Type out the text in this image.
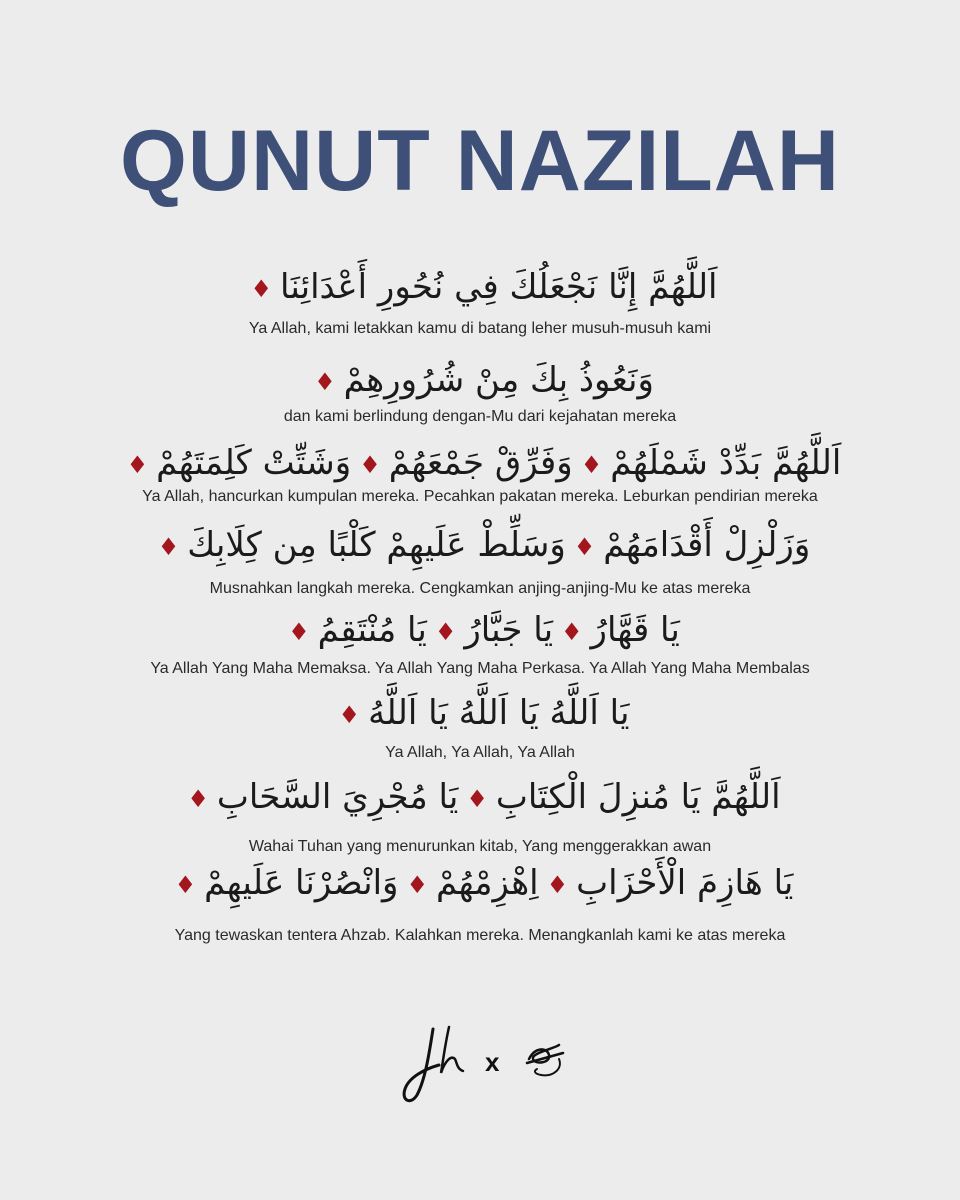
QUNUT NAZILAH
اَللَّهُمَّ إِنَّا نَجْعَلُكَ فِي نُحُورِ أَعْدَائِنَا♦
Ya Allah, kami letakkan kamu di batang leher musuh-musuh kami
وَنَعُوذُ بِكَ مِنْ شُرُورِهِمْ♦
dan kami berlindung dengan-Mu dari kejahatan mereka
اَللَّهُمَّ بَدِّدْ شَمْلَهُمْ♦وَفَرِّقْ جَمْعَهُمْ♦وَشَتِّتْ كَلِمَتَهُمْ♦
Ya Allah, hancurkan kumpulan mereka. Pecahkan pakatan mereka. Leburkan pendirian mereka
وَزَلْزِلْ أَقْدَامَهُمْ♦وَسَلِّطْ عَلَيهِمْ كَلْبًا مِن كِلَابِكَ♦
Musnahkan langkah mereka. Cengkamkan anjing-anjing-Mu ke atas mereka
يَا قَهَّارُ♦يَا جَبَّارُ♦يَا مُنْتَقِمُ♦
Ya Allah Yang Maha Memaksa. Ya Allah Yang Maha Perkasa. Ya Allah Yang Maha Membalas
يَا اَللَّهُ يَا اَللَّهُ يَا اَللَّهُ♦
Ya Allah, Ya Allah, Ya Allah
اَللَّهُمَّ يَا مُنزِلَ الْكِتَابِ♦يَا مُجْرِيَ السَّحَابِ♦
Wahai Tuhan yang menurunkan kitab, Yang menggerakkan awan
يَا هَازِمَ الْأَحْزَابِ♦اِهْزِمْهُمْ♦وَانْصُرْنَا عَلَيهِمْ♦
Yang tewaskan tentera Ahzab. Kalahkan mereka. Menangkanlah kami ke atas mereka
x
